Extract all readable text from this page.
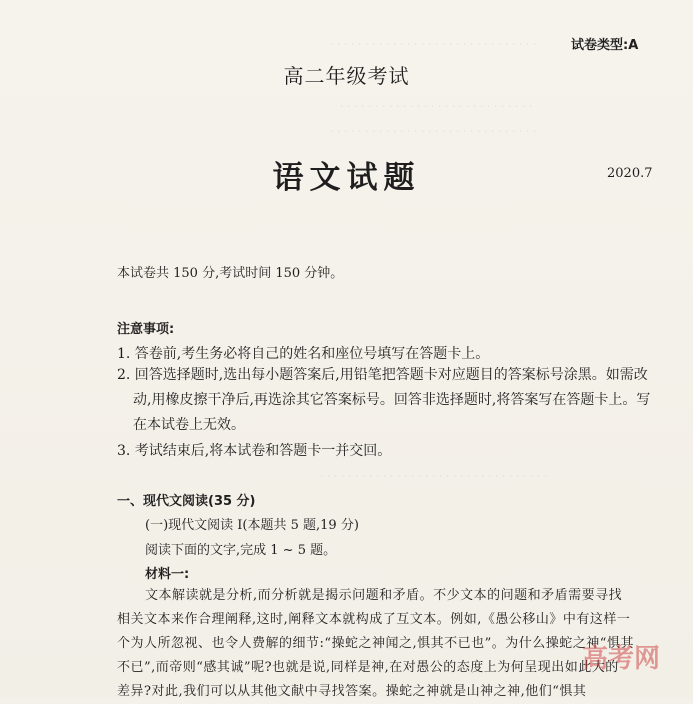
· · · · · · · · · · · · · · · · · · · · · · · · · · · · · ·
· · · · · · · · · · · · · · · · · · · · · · · · · · · ·
· · · · · · · · · · · · · · · · · · · · · · · · · · · · · ·
· · · · · · · · · · · · · · · · · · · · · · · · · · · · · · · · ·
试卷类型:A
高二年级考试
语文试题	2020.7
本试卷共 150 分,考试时间 150 分钟。
注意事项:
1. 答卷前,考生务必将自己的姓名和座位号填写在答题卡上。
2. 回答选择题时,选出每小题答案后,用铅笔把答题卡对应题目的答案标号涂黑。如需改
动,用橡皮擦干净后,再选涂其它答案标号。回答非选择题时,将答案写在答题卡上。写
在本试卷上无效。
3. 考试结束后,将本试卷和答题卡一并交回。
一、现代文阅读(35 分)
(一)现代文阅读 I(本题共 5 题,19 分)
阅读下面的文字,完成 1 ~ 5 题。
材料一:
文本解读就是分析,而分析就是揭示问题和矛盾。不少文本的问题和矛盾需要寻找
相关文本来作合理阐释,这时,阐释文本就构成了互文本。例如,《愚公移山》中有这样一
个为人所忽视、也令人费解的细节:“操蛇之神闻之,惧其不已也”。为什么操蛇之神“惧其
不已”,而帝则“感其诚”呢?也就是说,同样是神,在对愚公的态度上为何呈现出如此大的
差异?对此,我们可以从其他文献中寻找答案。操蛇之神就是山神之神,他们“惧其
高考网
